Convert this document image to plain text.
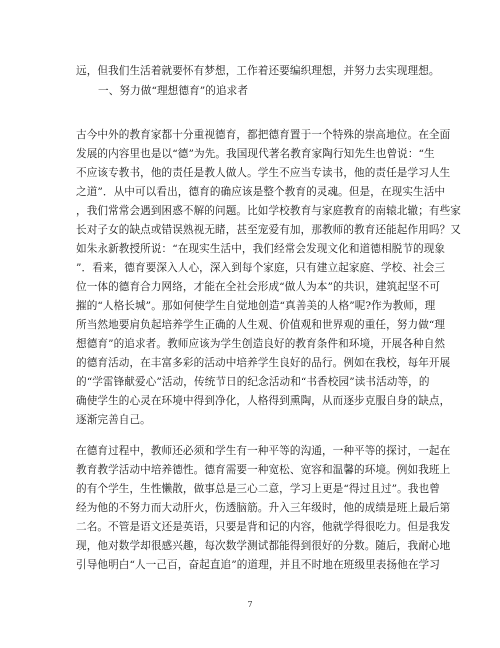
远，但我们生活着就要怀有梦想，工作着还要编织理想，并努力去实现理想。
一、努力做“理想德育”的追求者
古今中外的教育家都十分重视德育，都把德育置于一个特殊的崇高地位。在全面
发展的内容里也是以“德”为先。我国现代著名教育家陶行知先生也曾说：“生
不应该专教书，他的责任是教人做人。学生不应当专读书，他的责任是学习人生
之道”．从中可以看出，德育的确应该是整个教育的灵魂。但是，在现实生活中
，我们常常会遇到困惑不解的问题。比如学校教育与家庭教育的南辕北辙；有些家
长对子女的缺点或错误熟视无睹，甚至宠爱有加，那教师的教育还能起作用吗？又
如朱永新教授所说：“在现实生活中，我们经常会发现文化和道德相脱节的现象
”．看来，德育要深入人心，深入到每个家庭，只有建立起家庭、学校、社会三
位一体的德育合力网络，才能在全社会形成“做人为本”的共识，建筑起坚不可
摧的“人格长城”。那如何使学生自觉地创造“真善美的人格”呢?作为教师，理
所当然地要肩负起培养学生正确的人生观、价值观和世界观的重任，努力做“理
想德育”的追求者。教师应该为学生创造良好的教育条件和环境，开展各种自然
的德育活动，在丰富多彩的活动中培养学生良好的品行。例如在我校，每年开展
的“学雷锋献爱心”活动，传统节日的纪念活动和“书香校园”读书活动等，的
确使学生的心灵在环境中得到净化，人格得到熏陶，从而逐步克服自身的缺点，
逐渐完善自己。
在德育过程中，教师还必须和学生有一种平等的沟通，一种平等的探讨，一起在
教育教学活动中培养德性。德育需要一种宽松、宽容和温馨的环境。例如我班上
的有个学生，生性懒散，做事总是三心二意，学习上更是“得过且过”。我也曾
经为他的不努力而大动肝火，伤透脑筋。升入三年级时，他的成绩是班上最后第
二名。不管是语文还是英语，只要是背和记的内容，他就学得很吃力。但是我发
现，他对数学却很感兴趣，每次数学测试都能得到很好的分数。随后，我耐心地
引导他明白“人一己百，奋起直追”的道理，并且不时地在班级里表扬他在学习
7
